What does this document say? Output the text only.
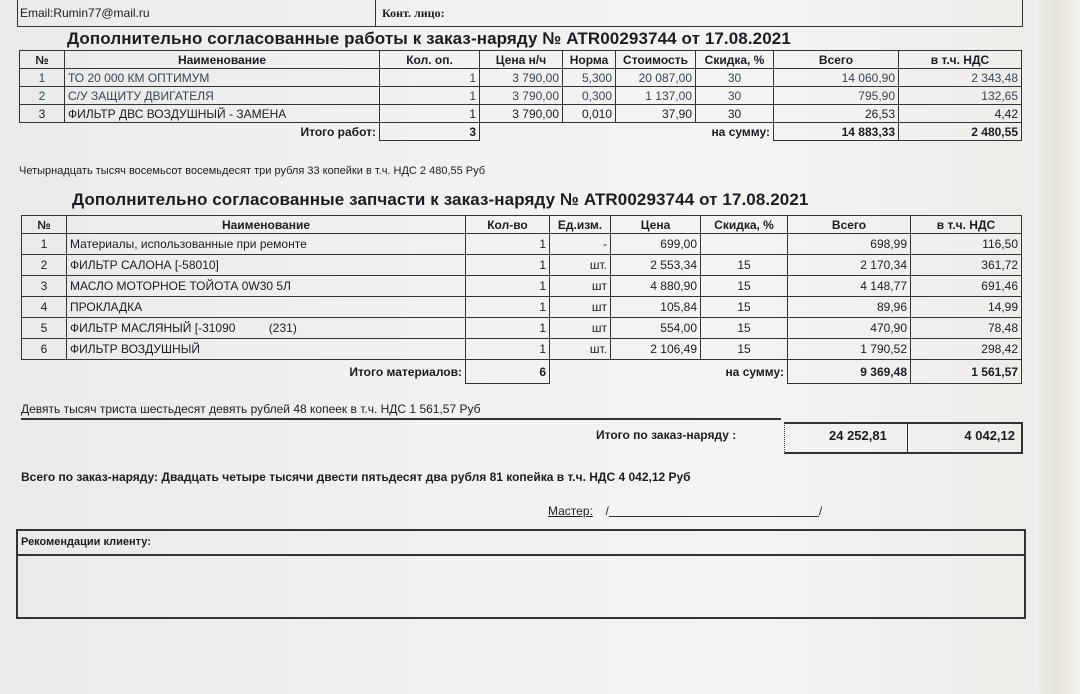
Email:Rumin77@mail.ru	Конт. лицо:
Дополнительно согласованные работы к заказ-наряду № ATR00293744 от 17.08.2021
№	Наименование	Кол. оп.	Цена н/ч	Норма	Стоимость	Скидка, %	Всего	в т.ч. НДС
1	ТО 20 000 КМ ОПТИМУМ	1	3 790,00	5,300	20 087,00	30	14 060,90	2 343,48
2	С/У ЗАЩИТУ ДВИГАТЕЛЯ	1	3 790,00	0,300	1 137,00	30	795,90	132,65
3	ФИЛЬТР ДВС ВОЗДУШНЫЙ - ЗАМЕНА	1	3 790,00	0,010	37,90	30	26,53	4,42
Итого работ:		3	на сумму:				14 883,33	2 480,55
Четырнадцать тысяч восемьсот восемьдесят три рубля 33 копейки в т.ч. НДС 2 480,55 Руб
Дополнительно согласованные запчасти к заказ-наряду № ATR00293744 от 17.08.2021
№	Наименование	Кол-во	Ед.изм.	Цена	Скидка, %	Всего	в т.ч. НДС
1	Материалы, использованные при ремонте	1	-	699,00		698,99	116,50
2	ФИЛЬТР САЛОНА [-58010]	1	шт.	2 553,34	15	2 170,34	361,72
3	МАСЛО МОТОРНОЕ ТОЙОТА 0W30 5Л	1	шт	4 880,90	15	4 148,77	691,46
4	ПРОКЛАДКА	1	шт	105,84	15	89,96	14,99
5	ФИЛЬТР МАСЛЯНЫЙ [-31090          (231)	1	шт	554,00	15	470,90	78,48
6	ФИЛЬТР ВОЗДУШНЫЙ	1	шт.	2 106,49	15	1 790,52	298,42
Итого материалов:		6	на сумму:			9 369,48	1 561,57
Девять тысяч триста шестьдесят девять рублей 48 копеек в т.ч. НДС 1 561,57 Руб
Итого по заказ-наряду :	24 252,81	4 042,12
Всего по заказ-наряду: Двадцать четыре тысячи двести пятьдесят два рубля 81 копейка в т.ч. НДС 4 042,12 Руб
Мастер: /	/
Рекомендации клиенту:
